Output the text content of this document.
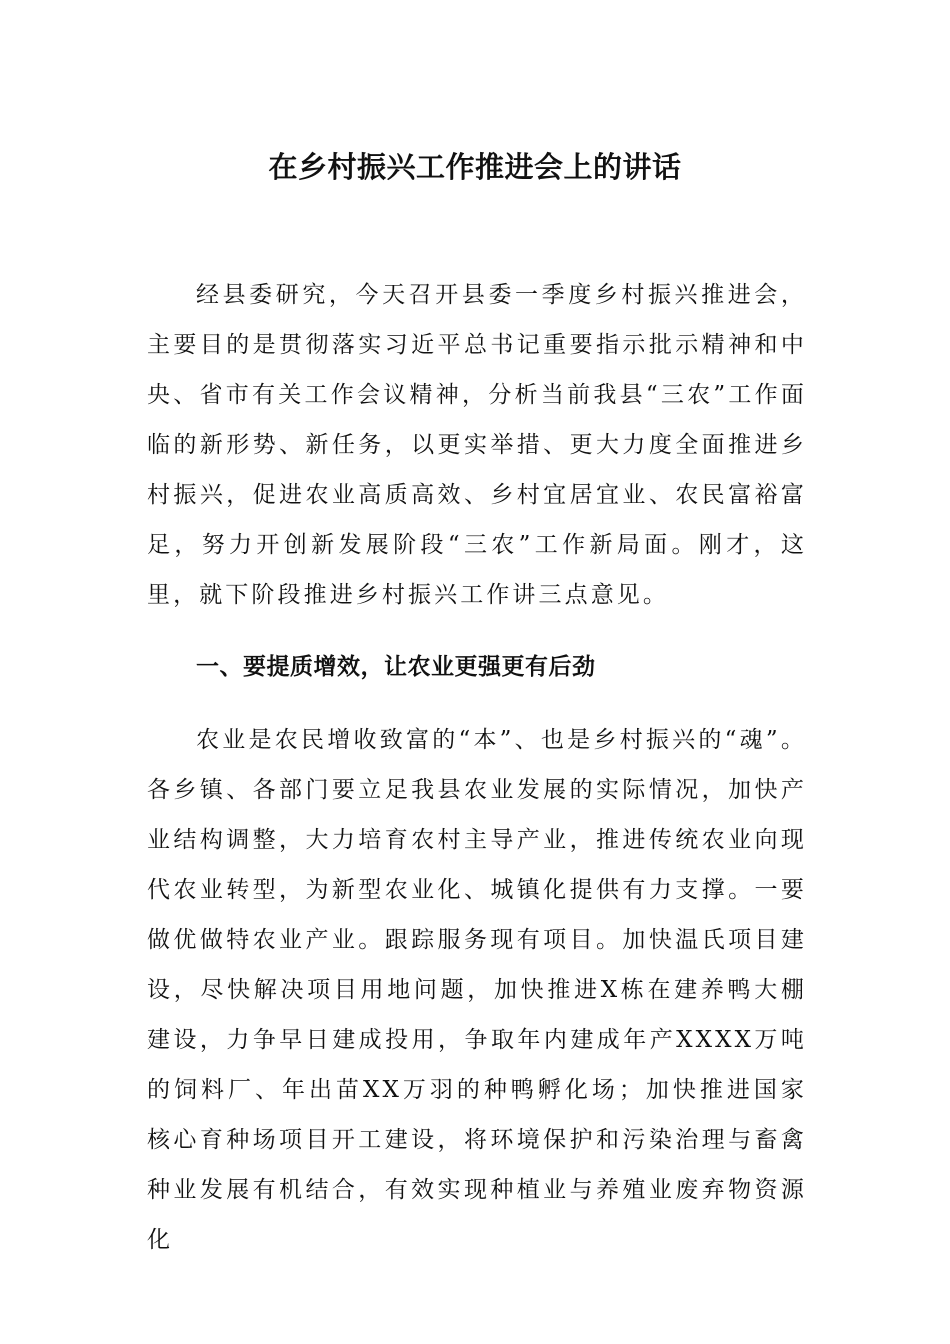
在乡村振兴工作推进会上的讲话

经县委研究，今天召开县委一季度乡村振兴推进会，主要目的是贯彻落实习近平总书记重要指示批示精神和中央、省市有关工作会议精神，分析当前我县“三农”工作面临的新形势、新任务，以更实举措、更大力度全面推进乡村振兴，促进农业高质高效、乡村宜居宜业、农民富裕富足，努力开创新发展阶段“三农”工作新局面。刚才，这里，就下阶段推进乡村振兴工作讲三点意见。

一、要提质增效，让农业更强更有后劲

农业是农民增收致富的“本”、也是乡村振兴的“魂”。各乡镇、各部门要立足我县农业发展的实际情况，加快产业结构调整，大力培育农村主导产业，推进传统农业向现代农业转型，为新型农业化、城镇化提供有力支撑。一要做优做特农业产业。跟踪服务现有项目。加快温氏项目建设，尽快解决项目用地问题，加快推进X栋在建养鸭大棚建设，力争早日建成投用，争取年内建成年产XXXX万吨的饲料厂、年出苗XX万羽的种鸭孵化场；加快推进国家核心育种场项目开工建设，将环境保护和污染治理与畜禽种业发展有机结合，有效实现种植业与养殖业废弃物资源化
